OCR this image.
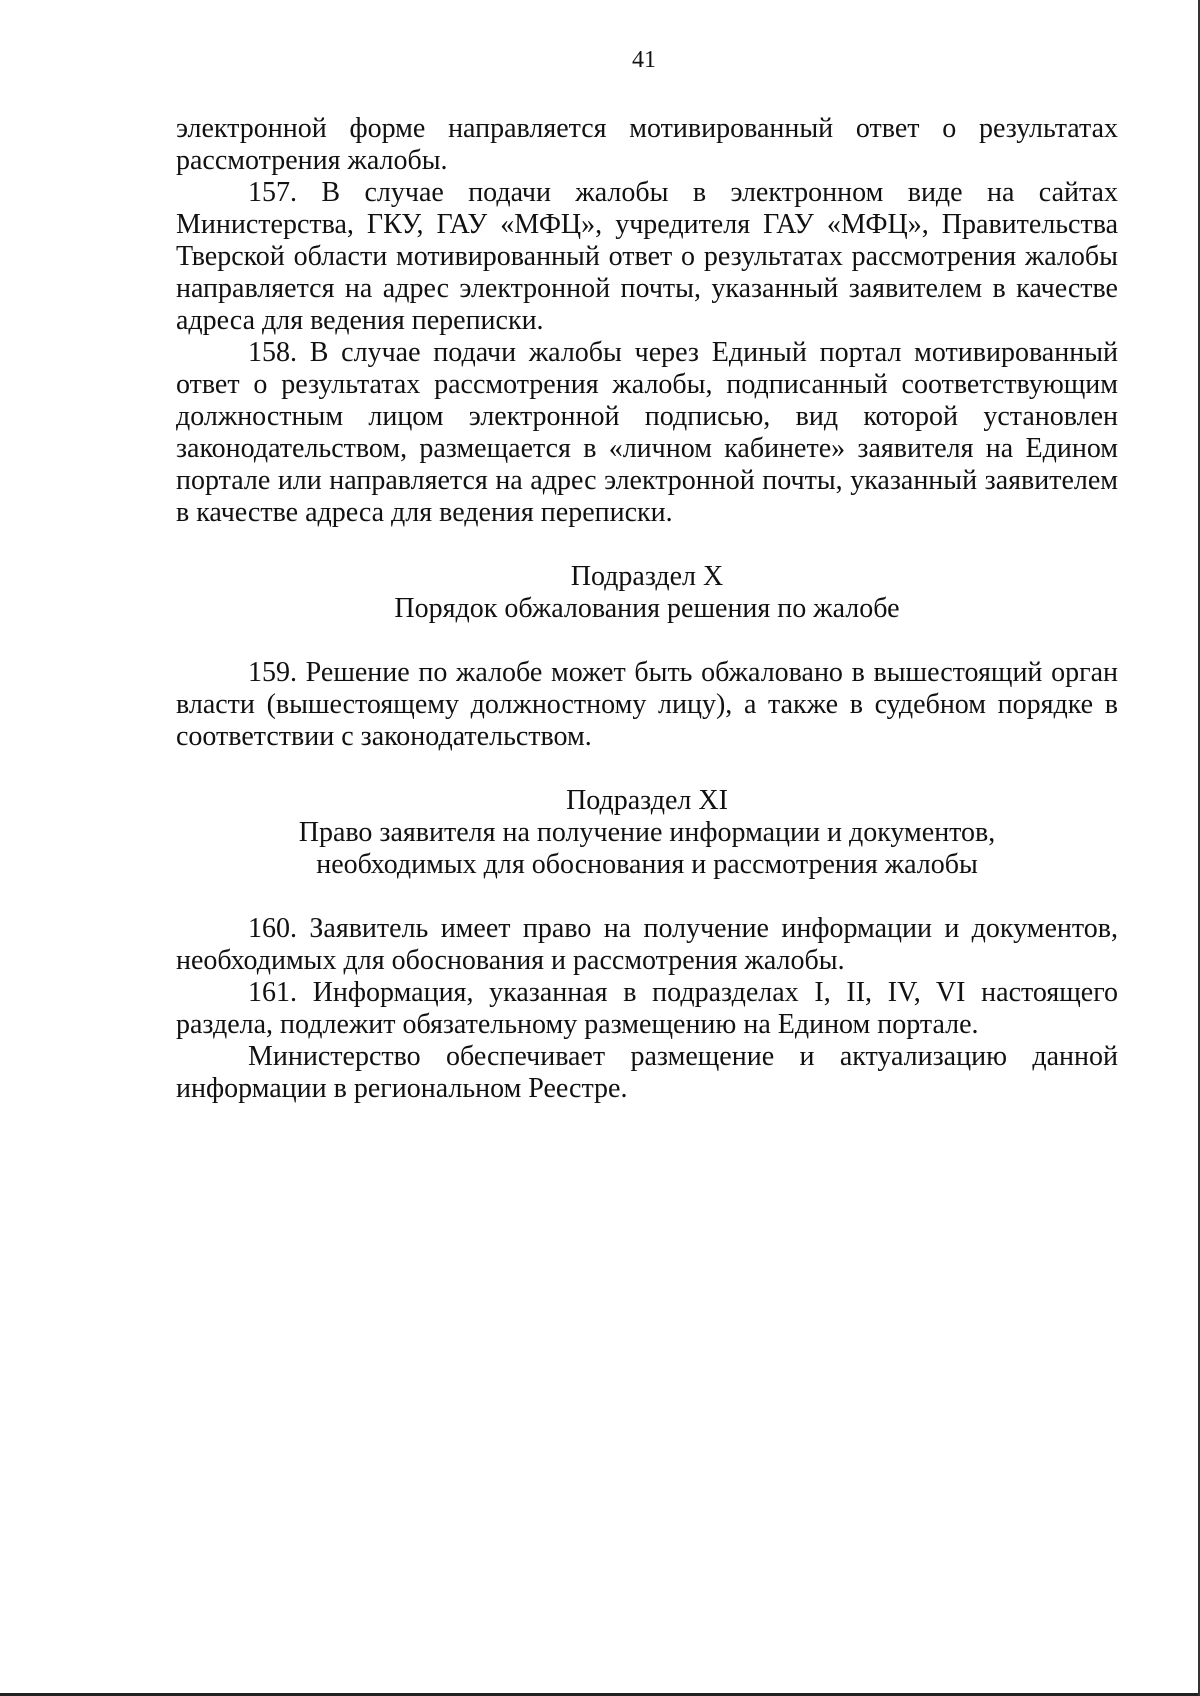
41

электронной форме направляется мотивированный ответ о результатах рассмотрения жалобы.

157. В случае подачи жалобы в электронном виде на сайтах Министерства, ГКУ, ГАУ «МФЦ», учредителя ГАУ «МФЦ», Правительства Тверской области мотивированный ответ о результатах рассмотрения жалобы направляется на адрес электронной почты, указанный заявителем в качестве адреса для ведения переписки.

158. В случае подачи жалобы через Единый портал мотивированный ответ о результатах рассмотрения жалобы, подписанный соответствующим должностным лицом электронной подписью, вид которой установлен законодательством, размещается в «личном кабинете» заявителя на Едином портале или направляется на адрес электронной почты, указанный заявителем в качестве адреса для ведения переписки.

Подраздел X
Порядок обжалования решения по жалобе

159. Решение по жалобе может быть обжаловано в вышестоящий орган власти (вышестоящему должностному лицу), а также в судебном порядке в соответствии с законодательством.

Подраздел XI
Право заявителя на получение информации и документов,
необходимых для обоснования и рассмотрения жалобы

160. Заявитель имеет право на получение информации и документов, необходимых для обоснования и рассмотрения жалобы.

161. Информация, указанная в подразделах I, II, IV, VI настоящего раздела, подлежит обязательному размещению на Едином портале.

Министерство обеспечивает размещение и актуализацию данной информации в региональном Реестре.
